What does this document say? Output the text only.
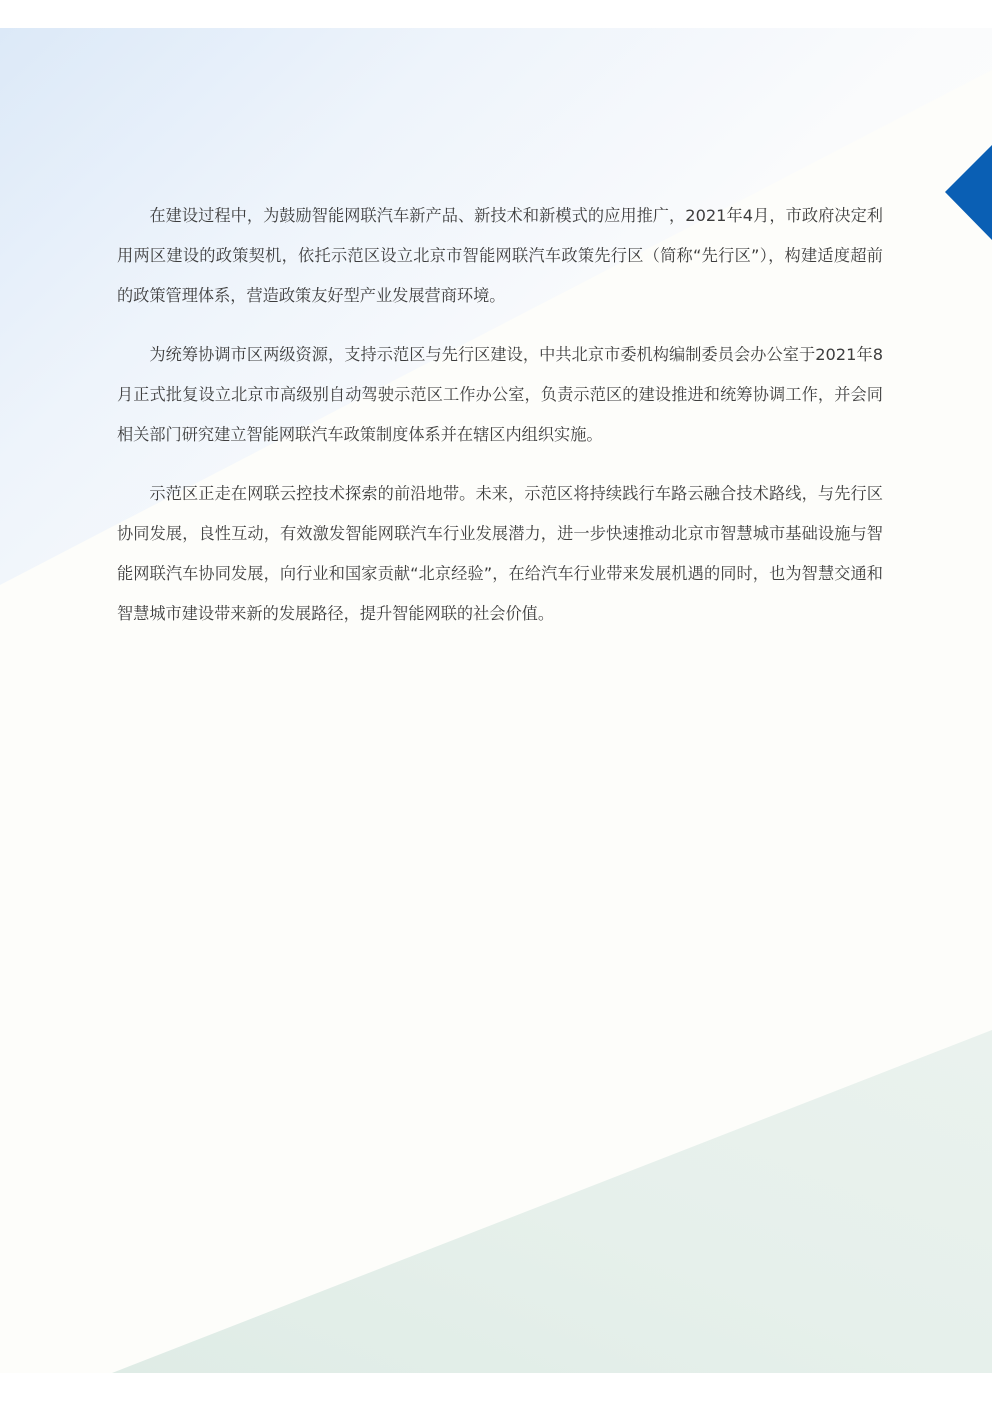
在建设过程中，为鼓励智能网联汽车新产品、新技术和新模式的应用推广，2021年4月，市政府决定利用两区建设的政策契机，依托示范区设立北京市智能网联汽车政策先行区（简称“先行区”），构建适度超前的政策管理体系，营造政策友好型产业发展营商环境。

为统筹协调市区两级资源，支持示范区与先行区建设，中共北京市委机构编制委员会办公室于2021年8月正式批复设立北京市高级别自动驾驶示范区工作办公室，负责示范区的建设推进和统筹协调工作，并会同相关部门研究建立智能网联汽车政策制度体系并在辖区内组织实施。

示范区正走在网联云控技术探索的前沿地带。未来，示范区将持续践行车路云融合技术路线，与先行区协同发展，良性互动，有效激发智能网联汽车行业发展潜力，进一步快速推动北京市智慧城市基础设施与智能网联汽车协同发展，向行业和国家贡献“北京经验”，在给汽车行业带来发展机遇的同时，也为智慧交通和智慧城市建设带来新的发展路径，提升智能网联的社会价值。
